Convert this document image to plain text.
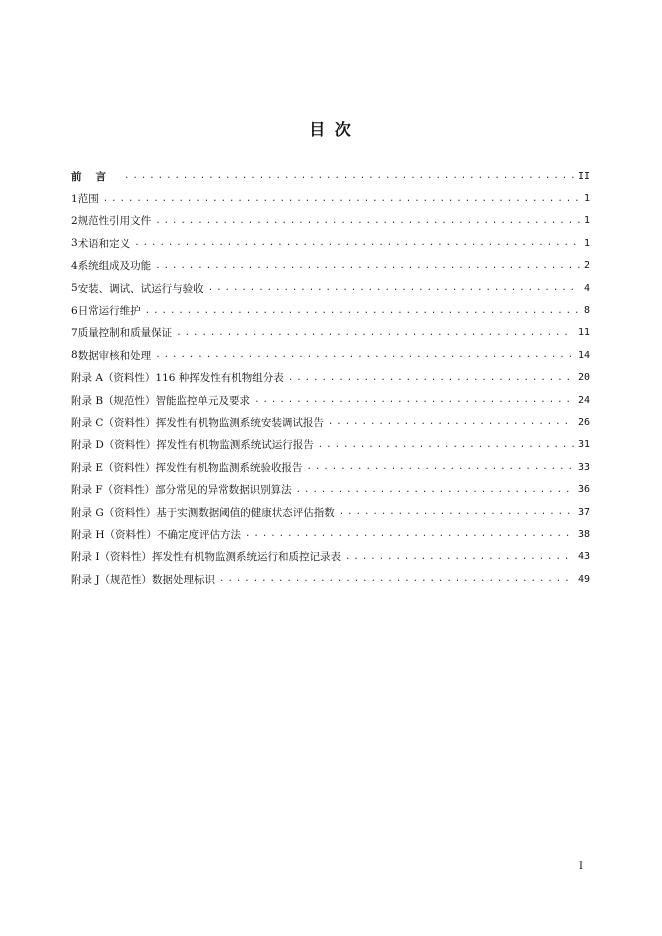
目 次
前言 .....	II
1 范围 .....	1
2 规范性引用文件 .....	1
3 术语和定义 .....	1
4 系统组成及功能 .....	2
5 安装、调试、试运行与验收 .....	4
6 日常运行维护 .....	8
7 质量控制和质量保证 .....	11
8 数据审核和处理 .....	14
附录 A （资料性） 116 种挥发性有机物组分表 .....	20
附录 B （规范性） 智能监控单元及要求 .....	24
附录 C （资料性） 挥发性有机物监测系统安装调试报告 .....	26
附录 D （资料性） 挥发性有机物监测系统试运行报告 .....	31
附录 E （资料性） 挥发性有机物监测系统验收报告 .....	33
附录 F （资料性） 部分常见的异常数据识别算法 .....	36
附录 G （资料性） 基于实测数据阈值的健康状态评估指数 .....	37
附录 H （资料性） 不确定度评估方法 .....	38
附录 I （资料性） 挥发性有机物监测系统运行和质控记录表 .....	43
附录 J （规范性） 数据处理标识 .....	49
I
